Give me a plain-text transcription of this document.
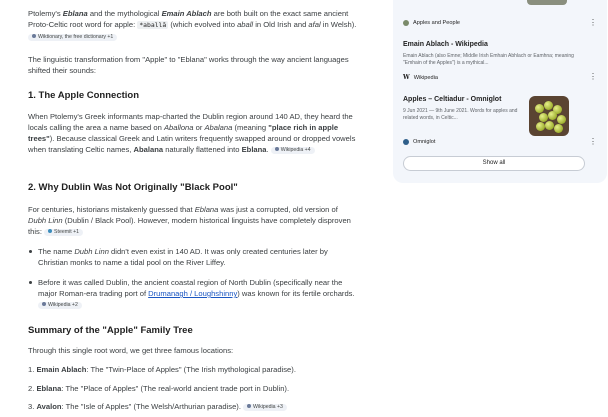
Ptolemy's Eblana and the mythological Emain Ablach are both built on the exact same ancient Proto-Celtic root word for apple: *aballā (which evolved into aball in Old Irish and afal in Welsh). Wiktionary, the free dictionary +1

The linguistic transformation from "Apple" to "Eblana" works through the way ancient languages shifted their sounds:

1. The Apple Connection

When Ptolemy's Greek informants map-charted the Dublin region around 140 AD, they heard the locals calling the area a name based on Aballona or Abalana (meaning "place rich in apple trees"). Because classical Greek and Latin writers frequently swapped around or dropped vowels when translating Celtic names, Abalana naturally flattened into Eblana. Wikipedia +4

2. Why Dublin Was Not Originally "Black Pool"

For centuries, historians mistakenly guessed that Eblana was just a corrupted, old version of Dubh Linn (Dublin / Black Pool). However, modern historical linguists have completely disproven this: Steemit +1

The name Dubh Linn didn't even exist in 140 AD. It was only created centuries later by Christian monks to name a tidal pool on the River Liffey.
Before it was called Dublin, the ancient coastal region of North Dublin (specifically near the major Roman-era trading port of Drumanagh / Loughshinny) was known for its fertile orchards. Wikipedia +2
Summary of the "Apple" Family Tree

Through this single root word, we get three famous locations:

1. Emain Ablach: The "Twin-Place of Apples" (The Irish mythological paradise).
2. Eblana: The "Place of Apples" (The real-world ancient trade port in Dublin).
3. Avalon: The "Isle of Apples" (The Welsh/Arthurian paradise). Wikipedia +3
Apples and People	⋮
Emain Ablach - Wikipedia
Emain Ablach (also Emne; Middle Irish Emhain Abhlach or Eamhna; meaning "Emhain of the Apples") is a mythical...
W Wikipedia	⋮
Apples – Celtiadur - Omniglot
9 Jun 2021 — 9th June 2021. Words for apples and related words, in Celtic...
Omniglot	⋮
Show all
